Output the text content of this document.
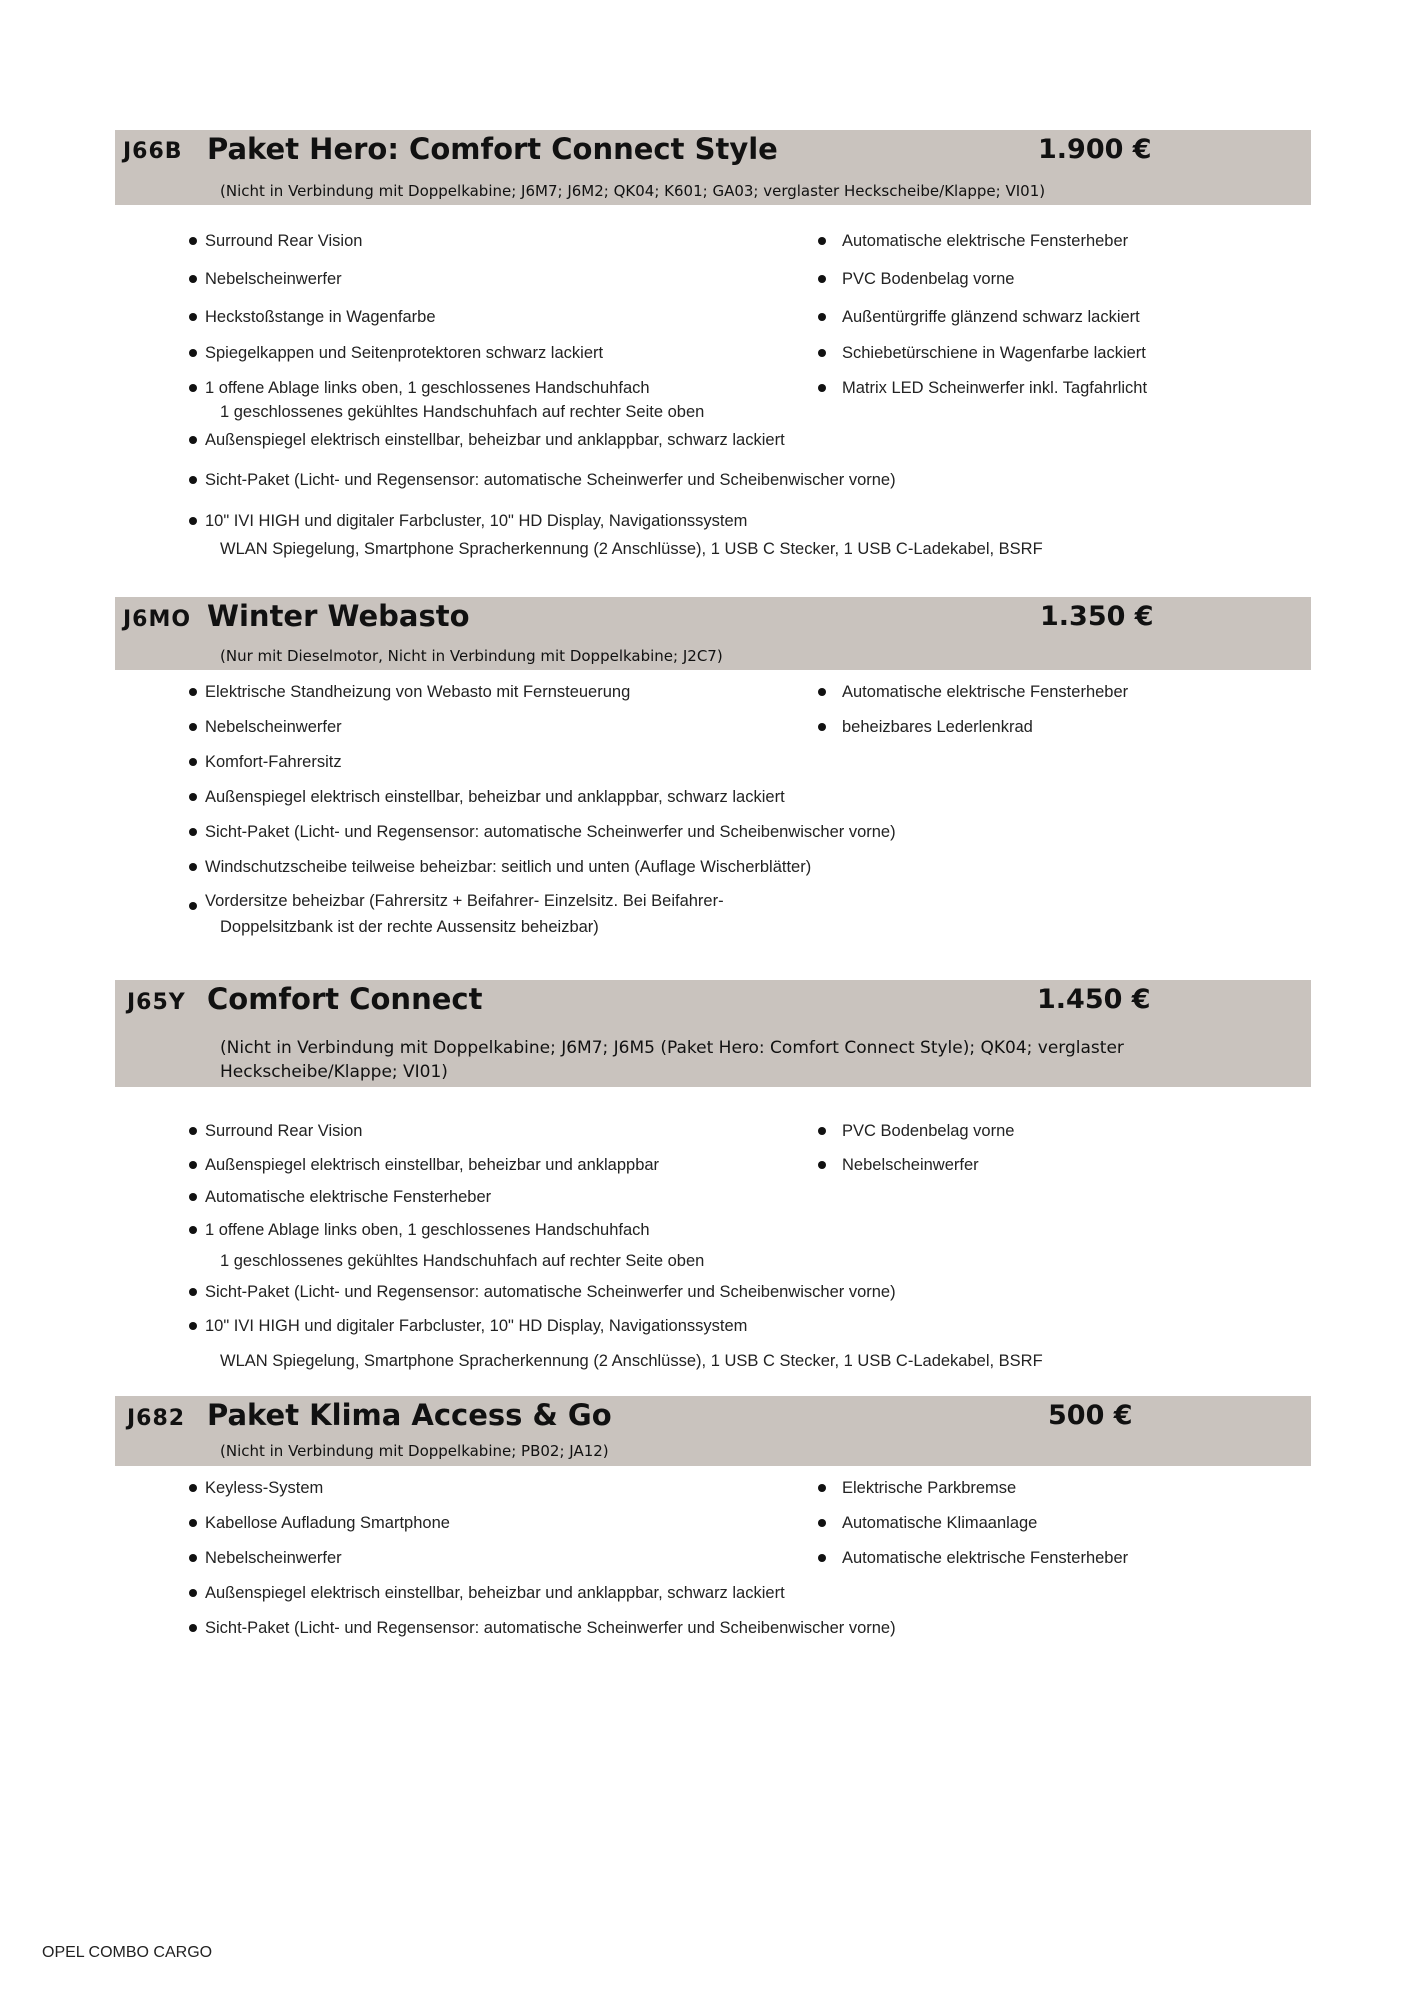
J66B Paket Hero: Comfort Connect Style	1.900 €
(Nicht in Verbindung mit Doppelkabine; J6M7; J6M2; QK04; K601; GA03; verglaster Heckscheibe/Klappe; VI01)
Surround Rear Vision
Nebelscheinwerfer
Heckstoßstange in Wagenfarbe
Spiegelkappen und Seitenprotektoren schwarz lackiert
1 offene Ablage links oben, 1 geschlossenes Handschuhfach
1 geschlossenes gekühltes Handschuhfach auf rechter Seite oben
Außenspiegel elektrisch einstellbar, beheizbar und anklappbar, schwarz lackiert
Sicht-Paket (Licht- und Regensensor: automatische Scheinwerfer und Scheibenwischer vorne)
10" IVI HIGH und digitaler Farbcluster, 10" HD Display, Navigationssystem
WLAN Spiegelung, Smartphone Spracherkennung (2 Anschlüsse), 1 USB C Stecker, 1 USB C-Ladekabel, BSRF
Automatische elektrische Fensterheber
PVC Bodenbelag vorne
Außentürgriffe glänzend schwarz lackiert
Schiebetürschiene in Wagenfarbe lackiert
Matrix LED Scheinwerfer inkl. Tagfahrlicht
J6MO Winter Webasto	1.350 €
(Nur mit Dieselmotor, Nicht in Verbindung mit Doppelkabine; J2C7)
Elektrische Standheizung von Webasto mit Fernsteuerung
Nebelscheinwerfer
Komfort-Fahrersitz
Außenspiegel elektrisch einstellbar, beheizbar und anklappbar, schwarz lackiert
Sicht-Paket (Licht- und Regensensor: automatische Scheinwerfer und Scheibenwischer vorne)
Windschutzscheibe teilweise beheizbar: seitlich und unten (Auflage Wischerblätter)
Vordersitze beheizbar (Fahrersitz + Beifahrer- Einzelsitz. Bei Beifahrer-
Doppelsitzbank ist der rechte Aussensitz beheizbar)
Automatische elektrische Fensterheber
beheizbares Lederlenkrad
J65Y Comfort Connect	1.450 €
(Nicht in Verbindung mit Doppelkabine; J6M7; J6M5 (Paket Hero: Comfort Connect Style); QK04; verglaster
Heckscheibe/Klappe; VI01)
Surround Rear Vision
Außenspiegel elektrisch einstellbar, beheizbar und anklappbar
Automatische elektrische Fensterheber
1 offene Ablage links oben, 1 geschlossenes Handschuhfach
1 geschlossenes gekühltes Handschuhfach auf rechter Seite oben
Sicht-Paket (Licht- und Regensensor: automatische Scheinwerfer und Scheibenwischer vorne)
10" IVI HIGH und digitaler Farbcluster, 10" HD Display, Navigationssystem
WLAN Spiegelung, Smartphone Spracherkennung (2 Anschlüsse), 1 USB C Stecker, 1 USB C-Ladekabel, BSRF
PVC Bodenbelag vorne
Nebelscheinwerfer
J682 Paket Klima Access & Go	500 €
(Nicht in Verbindung mit Doppelkabine; PB02; JA12)
Keyless-System
Kabellose Aufladung Smartphone
Nebelscheinwerfer
Außenspiegel elektrisch einstellbar, beheizbar und anklappbar, schwarz lackiert
Sicht-Paket (Licht- und Regensensor: automatische Scheinwerfer und Scheibenwischer vorne)
Elektrische Parkbremse
Automatische Klimaanlage
Automatische elektrische Fensterheber
OPEL COMBO CARGO
